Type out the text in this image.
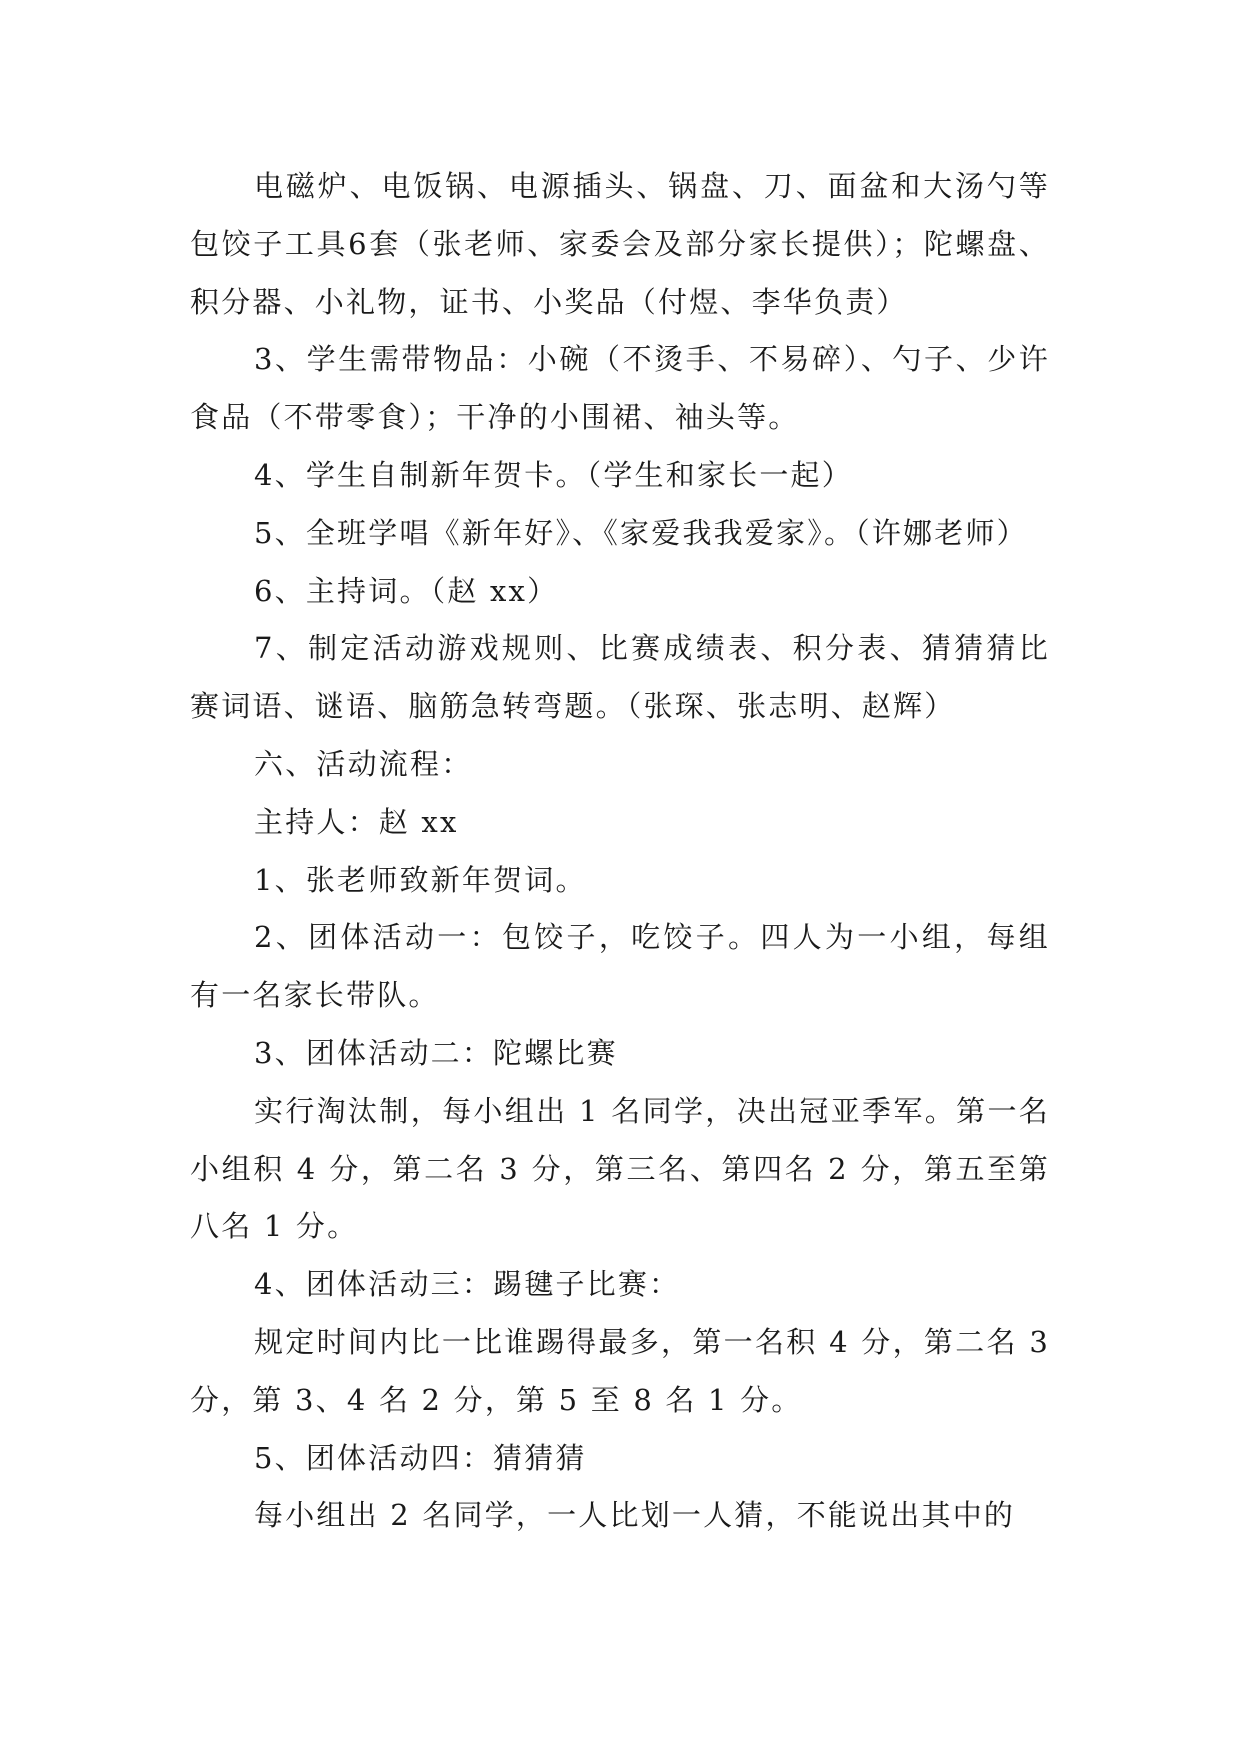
电磁炉、电饭锅、电源插头、锅盘、刀、面盆和大汤勺等包饺子工具6套（张老师、家委会及部分家长提供）；陀螺盘、积分器、小礼物，证书、小奖品（付煜、李华负责）

3、学生需带物品：小碗（不烫手、不易碎）、勺子、少许食品（不带零食）；干净的小围裙、袖头等。

4、学生自制新年贺卡。（学生和家长一起）

5、全班学唱《新年好》、《家爱我我爱家》。（许娜老师）

6、主持词。（赵 xx）

7、制定活动游戏规则、比赛成绩表、积分表、猜猜猜比赛词语、谜语、脑筋急转弯题。（张琛、张志明、赵辉）

六、活动流程：

主持人：赵 xx

1、张老师致新年贺词。

2、团体活动一：包饺子，吃饺子。四人为一小组，每组有一名家长带队。

3、团体活动二：陀螺比赛

实行淘汰制，每小组出 1 名同学，决出冠亚季军。第一名小组积 4 分，第二名 3 分，第三名、第四名 2 分，第五至第八名 1 分。

4、团体活动三：踢毽子比赛：

规定时间内比一比谁踢得最多，第一名积 4 分，第二名 3 分，第 3、4 名 2 分，第 5 至 8 名 1 分。

5、团体活动四：猜猜猜

每小组出 2 名同学，一人比划一人猜，不能说出其中的
